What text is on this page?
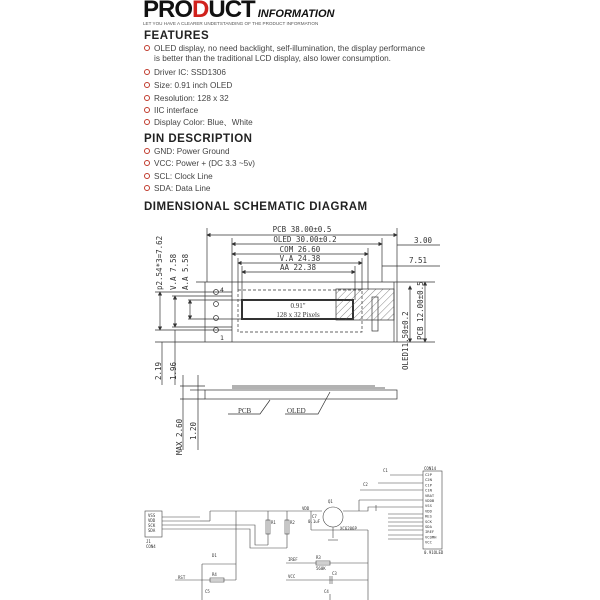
PRODUCT INFORMATION
LET YOU HAVE A CLEARER UNDETSTANDING OF THE PRODUCT INFORMATION
FEATURES
OLED display, no need backlight, self-illumination, the display performance
is better than the traditional LCD display, also lower consumption.
Driver IC: SSD1306
Size: 0.91 inch OLED
Resolution: 128 x 32
IIC interface
Display Color: Blue、White
PIN DESCRIPTION
GND: Power Ground
VCC: Power + (DC 3.3 ~5v)
SCL: Clock Line
SDA: Data Line
DIMENSIONAL SCHEMATIC DIAGRAM
PCB 38.00±0.5
OLED 30.00±0.2
COM 26.60
V.A 24.38
AA 22.38
3.00
7.51
p2.54*3=7.62 V.A 7.58 A.A 5.58
2.19 1.96
OLED11.50±0.2
PCB 12.00±0.5
MAX 2.60 1.20
4
1
PCB	OLED
0.91"
128 x 32 Pixels
VSS
VDD
SCK
SDA
J1
CON4
CON14
0.91OLED
VDD
Q1
XC6206P
C1
C2
C7
0.1uF
R1	R2
D1
RST
R3
560K
R4
IREF
VCC
C3
C4
C5
C2P
C2N
C1P
C1N
VBAT
VDDB
VSS
VDD
RES
SCK
SDA
IREF
VCOMH
VCC
